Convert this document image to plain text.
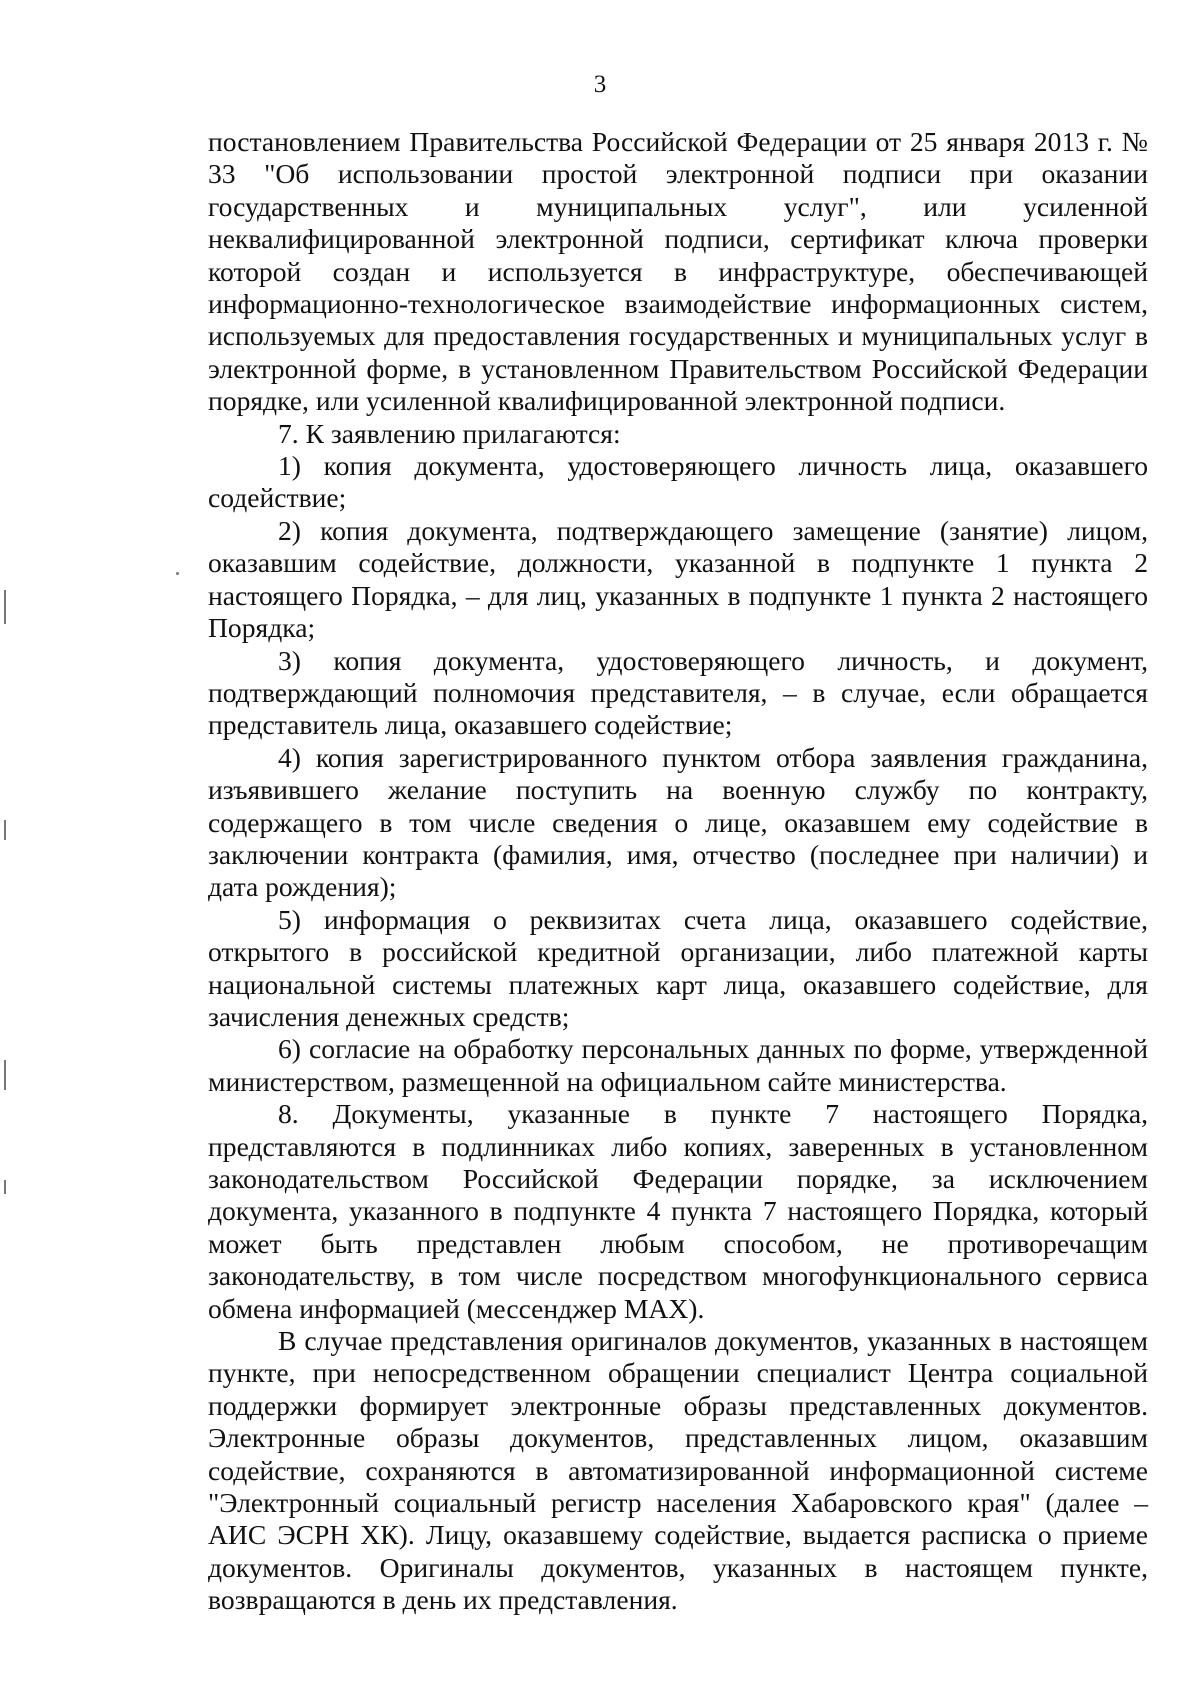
3

постановлением Правительства Российской Федерации от 25 января 2013 г. № 33 "Об использовании простой электронной подписи при оказании государственных и муниципальных услуг", или усиленной неквалифицированной электронной подписи, сертификат ключа проверки которой создан и используется в инфраструктуре, обеспечивающей информационно-технологическое взаимодействие информационных систем, используемых для предоставления государственных и муниципальных услуг в электронной форме, в установленном Правительством Российской Федерации порядке, или усиленной квалифицированной электронной подписи.

7. К заявлению прилагаются:

1) копия документа, удостоверяющего личность лица, оказавшего содействие;

2) копия документа, подтверждающего замещение (занятие) лицом, оказавшим содействие, должности, указанной в подпункте 1 пункта 2 настоящего Порядка, – для лиц, указанных в подпункте 1 пункта 2 настоящего Порядка;

3) копия документа, удостоверяющего личность, и документ, подтверждающий полномочия представителя, – в случае, если обращается представитель лица, оказавшего содействие;

4) копия зарегистрированного пунктом отбора заявления гражданина, изъявившего желание поступить на военную службу по контракту, содержащего в том числе сведения о лице, оказавшем ему содействие в заключении контракта (фамилия, имя, отчество (последнее при наличии) и дата рождения);

5) информация о реквизитах счета лица, оказавшего содействие, открытого в российской кредитной организации, либо платежной карты национальной системы платежных карт лица, оказавшего содействие, для зачисления денежных средств;

6) согласие на обработку персональных данных по форме, утвержденной министерством, размещенной на официальном сайте министерства.

8. Документы, указанные в пункте 7 настоящего Порядка, представляются в подлинниках либо копиях, заверенных в установленном законодательством Российской Федерации порядке, за исключением документа, указанного в подпункте 4 пункта 7 настоящего Порядка, который может быть представлен любым способом, не противоречащим законодательству, в том числе посредством многофункционального сервиса обмена информацией (мессенджер MAX).

В случае представления оригиналов документов, указанных в настоящем пункте, при непосредственном обращении специалист Центра социальной поддержки формирует электронные образы представленных документов. Электронные образы документов, представленных лицом, оказавшим содействие, сохраняются в автоматизированной информационной системе "Электронный социальный регистр населения Хабаровского края" (далее – АИС ЭСРН ХК). Лицу, оказавшему содействие, выдается расписка о приеме документов. Оригиналы документов, указанных в настоящем пункте, возвращаются в день их представления.
